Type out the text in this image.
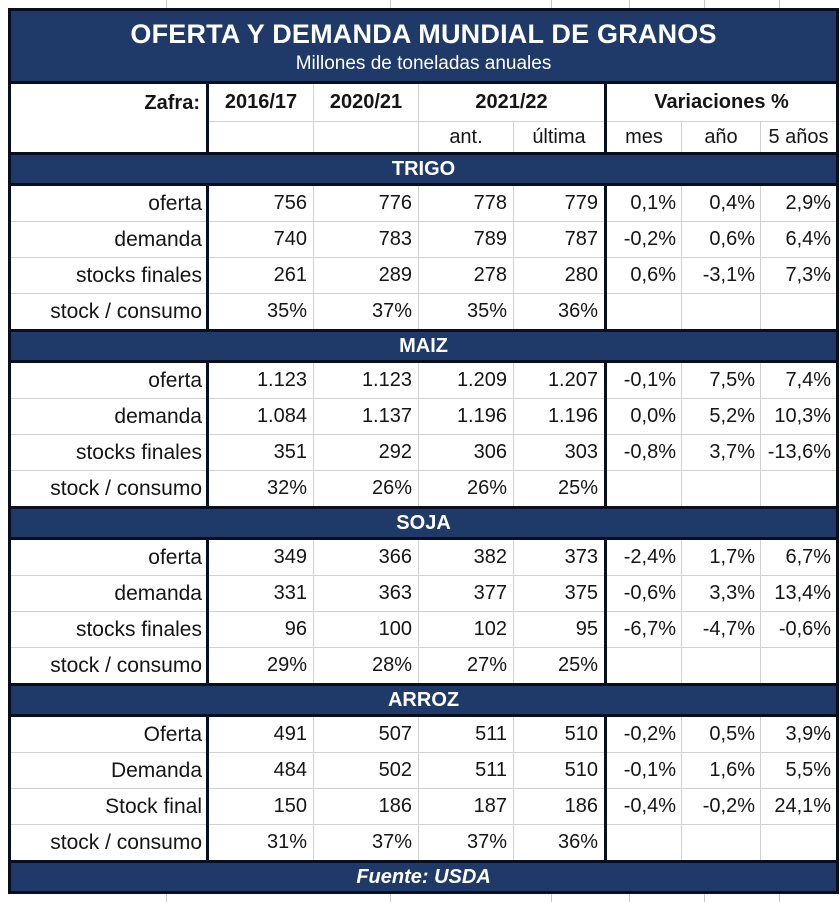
OFERTA Y DEMANDA MUNDIAL DE GRANOS
Millones de toneladas anuales							

Zafra:	2016/17	2020/21	2021/22		Variaciones %		
			ant.	última	mes	año	5 años
TRIGO							
oferta	756	776	778	779	0,1%	0,4%	2,9%
demanda	740	783	789	787	-0,2%	0,6%	6,4%
stocks finales	261	289	278	280	0,6%	-3,1%	7,3%
stock / consumo	35%	37%	35%	36%			
MAIZ							
oferta	1.123	1.123	1.209	1.207	-0,1%	7,5%	7,4%
demanda	1.084	1.137	1.196	1.196	0,0%	5,2%	10,3%
stocks finales	351	292	306	303	-0,8%	3,7%	-13,6%
stock / consumo	32%	26%	26%	25%			
SOJA							
oferta	349	366	382	373	-2,4%	1,7%	6,7%
demanda	331	363	377	375	-0,6%	3,3%	13,4%
stocks finales	96	100	102	95	-6,7%	-4,7%	-0,6%
stock / consumo	29%	28%	27%	25%			
ARROZ							
Oferta	491	507	511	510	-0,2%	0,5%	3,9%
Demanda	484	502	511	510	-0,1%	1,6%	5,5%
Stock final	150	186	187	186	-0,4%	-0,2%	24,1%
stock / consumo	31%	37%	37%	36%			
Fuente: USDA							
